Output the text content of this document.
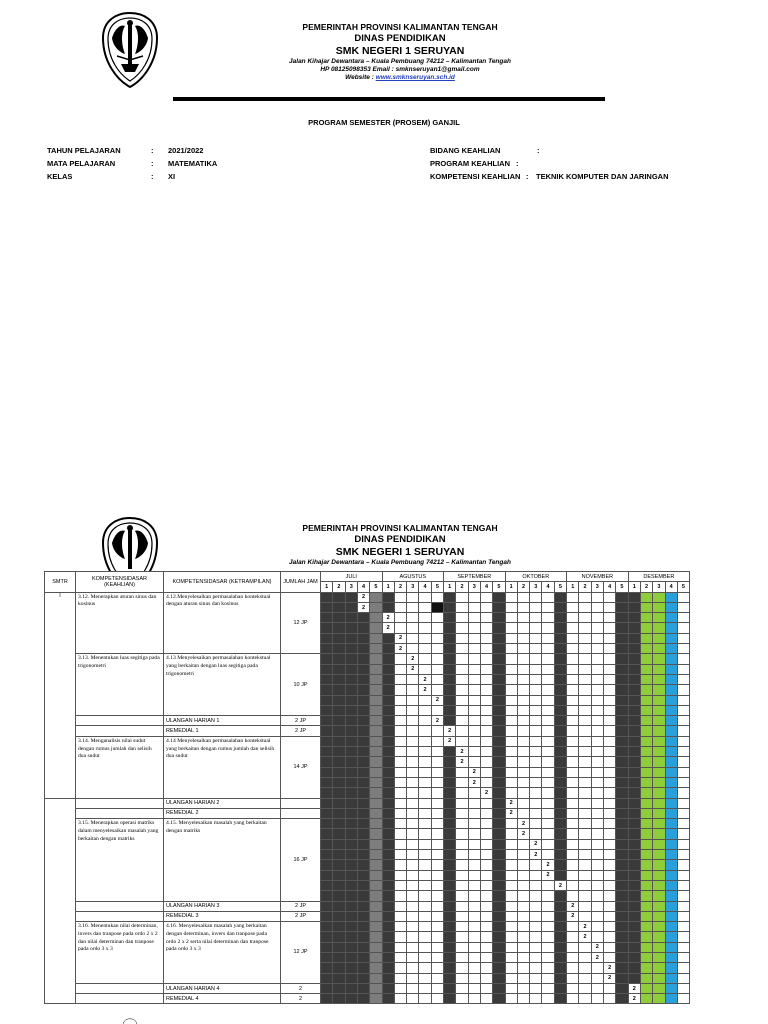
PEMERINTAH PROVINSI KALIMANTAN TENGAH
DINAS PENDIDIKAN
SMK NEGERI 1 SERUYAN
Jalan Kihajar Dewantara – Kuala Pembuang 74212 – Kalimantan Tengah
HP 08125098353 Email : smknseruyan1@gmail.com
Website : www.smknseruyan.sch.id
PROGRAM SEMESTER (PROSEM) GANJIL
TAHUN PELAJARAN	:	2021/2022
MATA PELAJARAN	:	MATEMATIKA
KELAS	:	XI
BIDANG KEAHLIAN	:
PROGRAM KEAHLIAN :
KOMPETENSI KEAHLIAN :	TEKNIK KOMPUTER DAN JARINGAN
PEMERINTAH PROVINSI KALIMANTAN TENGAH
DINAS PENDIDIKAN
SMK NEGERI 1 SERUYAN
Jalan Kihajar Dewantara – Kuala Pembuang 74212 – Kalimantan Tengah
SMTR	KOMPETENSIDASAR (KEAHLIAN)	KOMPETENSIDASAR (KETRAMPILAN)	JUMLAH JAM	JULI					AGUSTUS					SEPTEMBER					OKTOBER					NOVEMBER					DESEMBER				
				1	2	3	4	5	1	2	3	4	5	1	2	3	4	5	1	2	3	4	5	1	2	3	4	5	1	2	3	4	5
I	3.12. Menerapkan aturan sinus dan kosinus	4.12.Menyelesaikan permasalahan kontekstual dengan aturan sinus dan kosinus	12 JP				2																										
							2																										
									2																								
									2																								
										2																							
										2																							
	3.13. Menentukan luas segitiga pada trigonometri	4.13 Menyelesaikan permasalahan kontekstual yang berkaitan dengan luas segitiga pada trigonometri	10 JP								2																						
											2																						
												2																					
												2																					
													2																				

		ULANGAN HARIAN 1	2 JP										2																				
		REMEDIAL 1	2 JP											2																			
	3.14. Menganalisis nilai sudut dengan rumus jumlah dan selisih dua sudut	4.14 Menyelesaikan permasalahan kontekstual yang berkaitan dengan rumus jumlah dan selisih dua sudut	14 JP											2																			
															2																		
															2																		
																2																	
																2																	
																	2																
		ULANGAN HARIAN 2																	2														
		REMEDIAL 2																	2														
	3.15. Menerapkan operasi matriks dalam menyelesaikan masalah yang berkaitan dengan matriks	4.15. Menyelesaikan masalah yang berkaitan dengan matriks	16 JP																	2													
																				2													
																					2												
																					2												
																						2											
																						2											
																							2										

		ULANGAN HARIAN 3	2 JP																					2									
		REMEDIAL 3	2 JP																					2									
	3.16. Menentukan nilai determinan, invers dan tranpose pada ordo 2 x 2 dan nilai determinan dan tranpose pada ordo 3 x 3	4.16. Menyelesaikan masalah yang berkaitan dengan determinan, invers dan tranpose pada ordo 2 x 2 serta nilai determinan dan tranpose pada ordo 3 x 3	12 JP																						2								
																									2								
																										2							
																										2							
																											2						
																											2						
		ULANGAN HARIAN 4	2																										2				
		REMEDIAL 4	2																										2				
